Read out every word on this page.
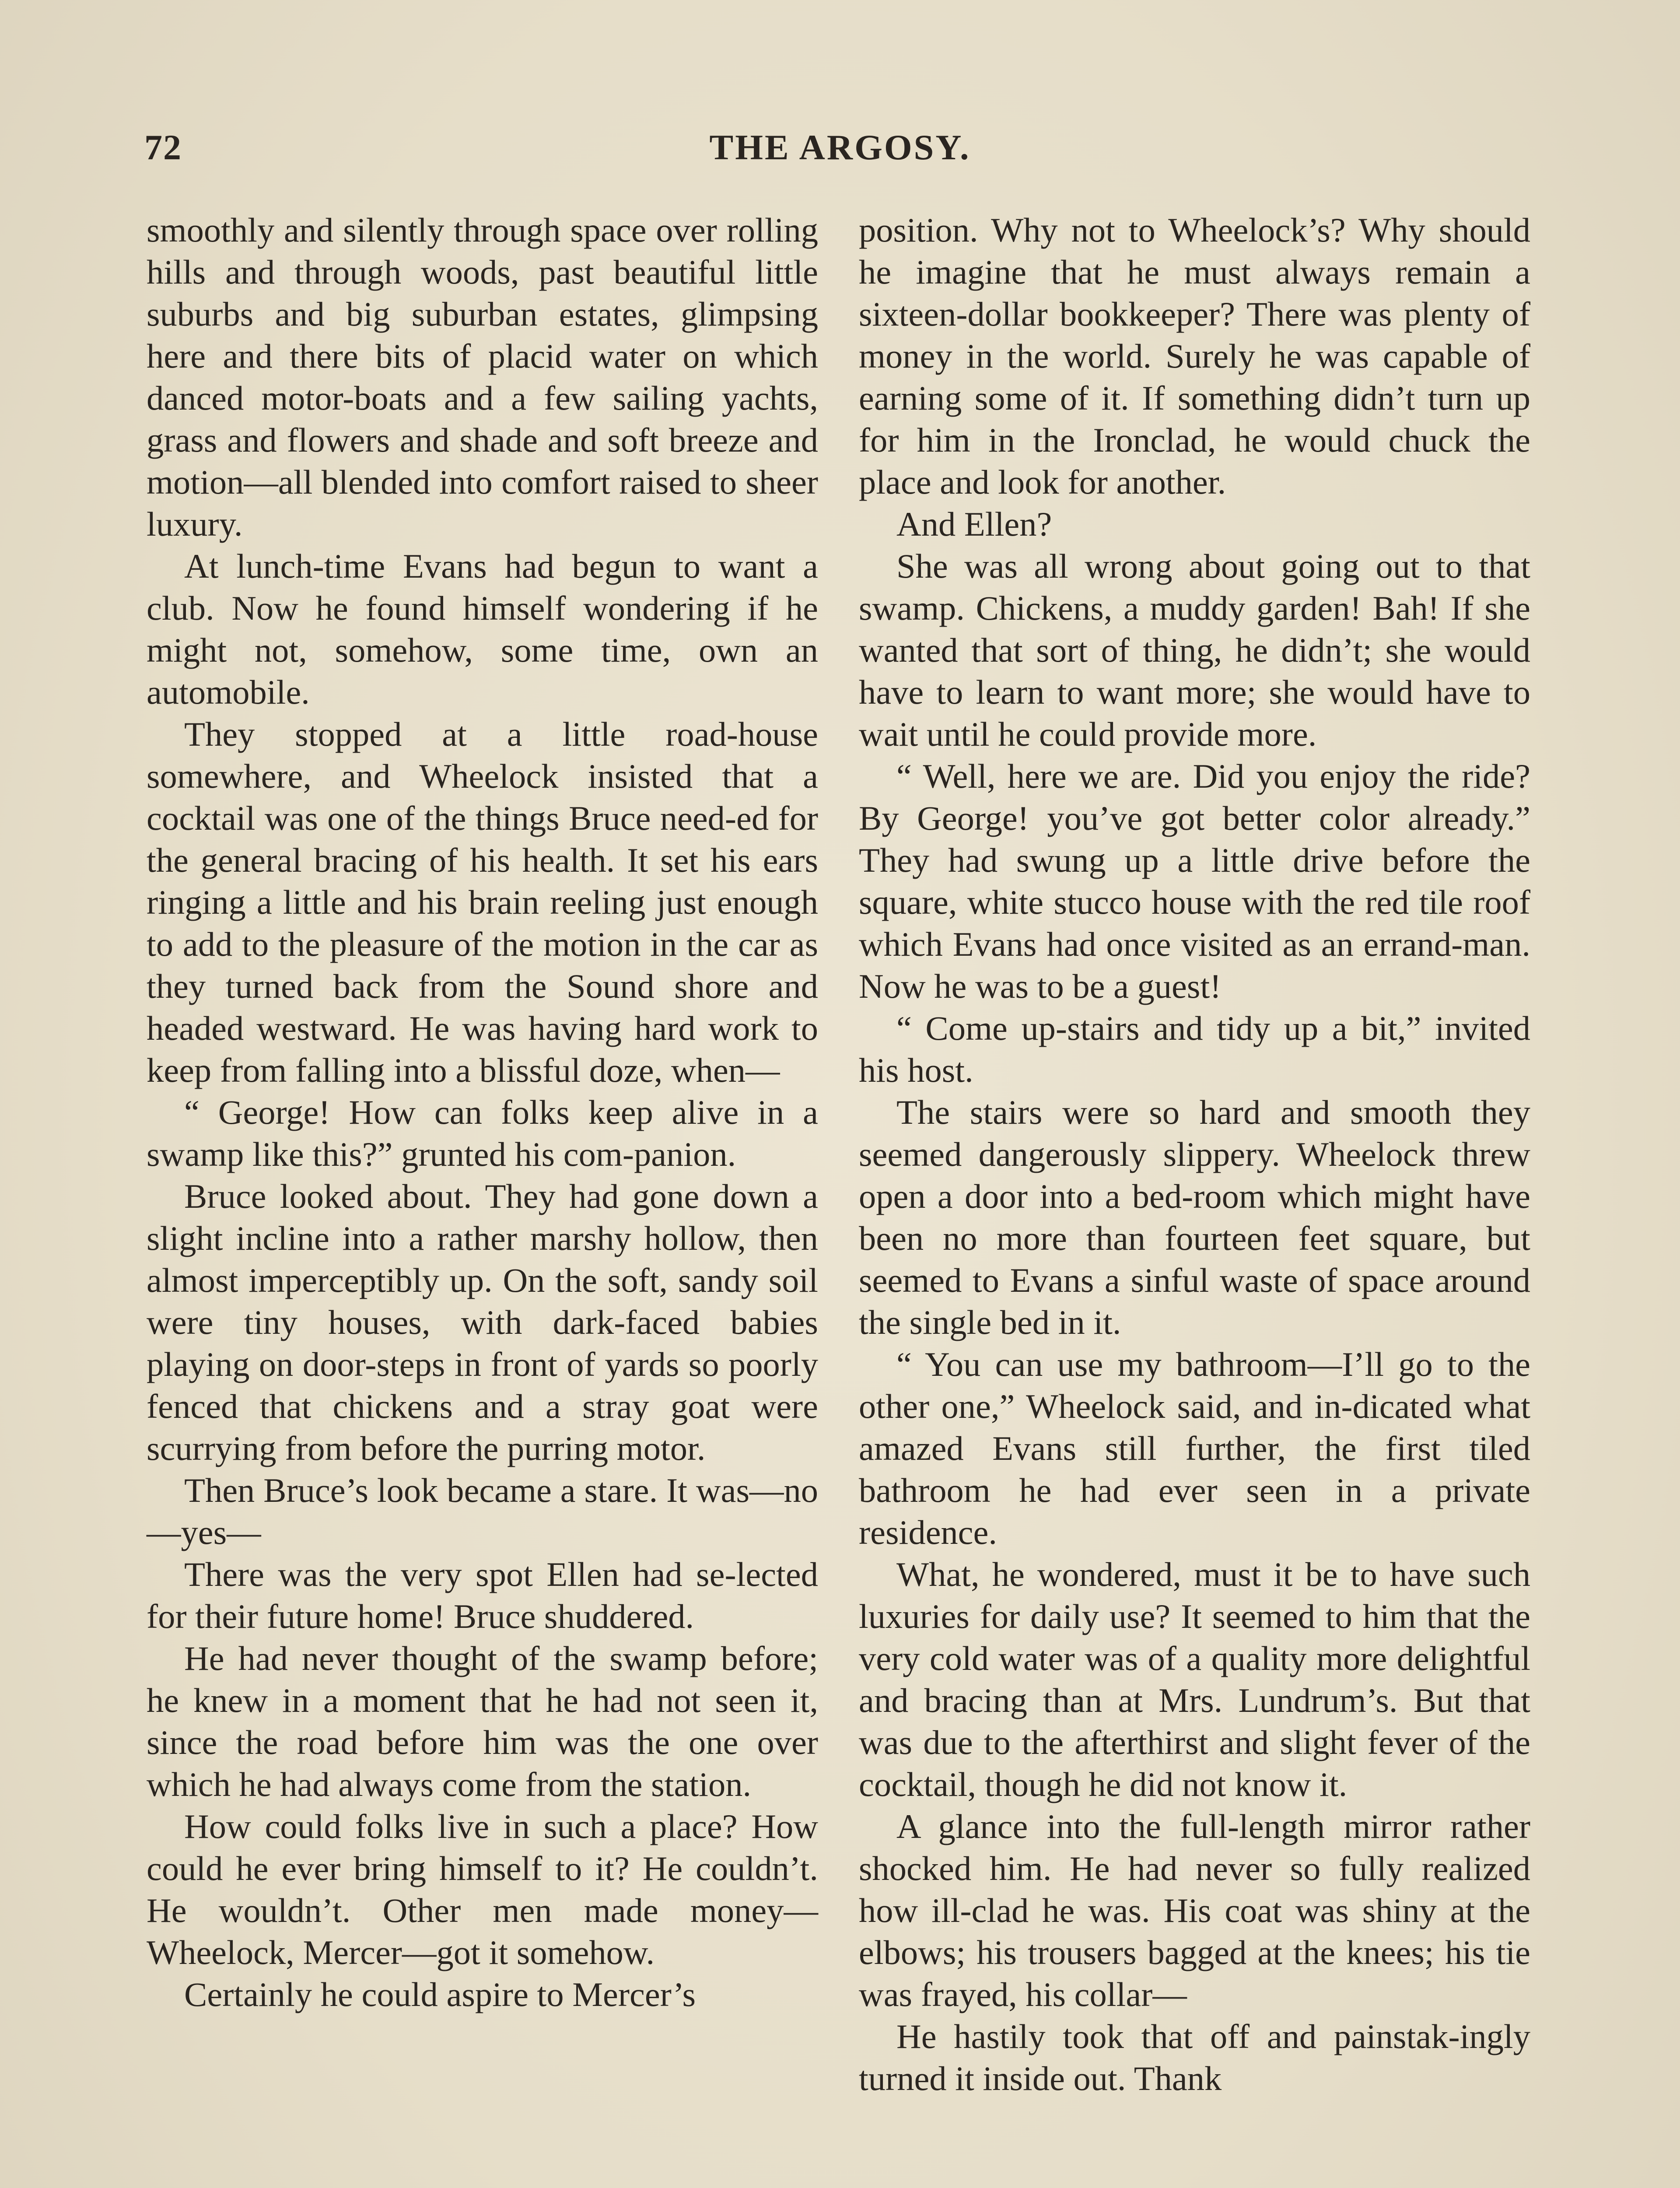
72	THE ARGOSY.

smoothly and silently through space over rolling hills and through woods, past beautiful little suburbs and big suburban estates, glimpsing here and there bits of placid water on which danced motor-boats and a few sailing yachts, grass and flowers and shade and soft breeze and motion—all blended into comfort raised to sheer luxury.

At lunch-time Evans had begun to want a club. Now he found himself wondering if he might not, somehow, some time, own an automobile.

They stopped at a little road-house somewhere, and Wheelock insisted that a cocktail was one of the things Bruce need-ed for the general bracing of his health. It set his ears ringing a little and his brain reeling just enough to add to the pleasure of the motion in the car as they turned back from the Sound shore and headed westward. He was having hard work to keep from falling into a blissful doze, when—

“ George! How can folks keep alive in a swamp like this?” grunted his com-panion.

Bruce looked about. They had gone down a slight incline into a rather marshy hollow, then almost imperceptibly up. On the soft, sandy soil were tiny houses, with dark-faced babies playing on door-steps in front of yards so poorly fenced that chickens and a stray goat were scurrying from before the purring motor.

Then Bruce’s look became a stare. It was—no—yes—

There was the very spot Ellen had se-lected for their future home! Bruce shuddered.

He had never thought of the swamp before; he knew in a moment that he had not seen it, since the road before him was the one over which he had always come from the station.

How could folks live in such a place? How could he ever bring himself to it? He couldn’t. He wouldn’t. Other men made money—Wheelock, Mercer—got it somehow.

Certainly he could aspire to Mercer’s

position. Why not to Wheelock’s? Why should he imagine that he must always remain a sixteen-dollar bookkeeper? There was plenty of money in the world. Surely he was capable of earning some of it. If something didn’t turn up for him in the Ironclad, he would chuck the place and look for another.

And Ellen?

She was all wrong about going out to that swamp. Chickens, a muddy garden! Bah! If she wanted that sort of thing, he didn’t; she would have to learn to want more; she would have to wait until he could provide more.

“ Well, here we are. Did you enjoy the ride? By George! you’ve got better color already.” They had swung up a little drive before the square, white stucco house with the red tile roof which Evans had once visited as an errand-man. Now he was to be a guest!

“ Come up-stairs and tidy up a bit,” invited his host.

The stairs were so hard and smooth they seemed dangerously slippery. Wheelock threw open a door into a bed-room which might have been no more than fourteen feet square, but seemed to Evans a sinful waste of space around the single bed in it.

“ You can use my bathroom—I’ll go to the other one,” Wheelock said, and in-dicated what amazed Evans still further, the first tiled bathroom he had ever seen in a private residence.

What, he wondered, must it be to have such luxuries for daily use? It seemed to him that the very cold water was of a quality more delightful and bracing than at Mrs. Lundrum’s. But that was due to the afterthirst and slight fever of the cocktail, though he did not know it.

A glance into the full-length mirror rather shocked him. He had never so fully realized how ill-clad he was. His coat was shiny at the elbows; his trousers bagged at the knees; his tie was frayed, his collar—

He hastily took that off and painstak-ingly turned it inside out. Thank
